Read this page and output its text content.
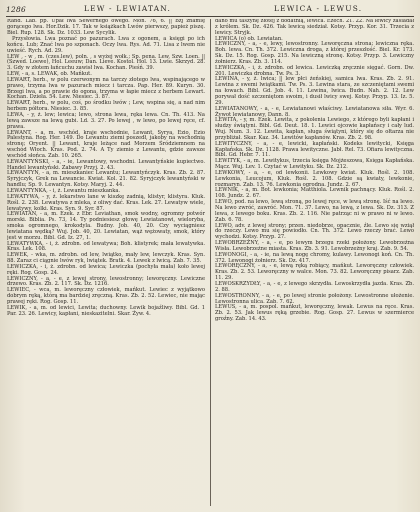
1286	LEW - LEWIATAN.	LEWICA - LEWUS.

Rand. Lab. pp. Upał lwa Sewernego owego. Mon. 76, 6. || Bżj znamię gorącego lwa. Hor.Dzik. 17. Tak w książkach Lwów pierwszy, papież piszę. Biel. Rup. 128. Sk. Dz. 1033. Lew Sycylik.

Przysłowia. Lwa poznać po pazurach. Lwa z ogonem, a księgi po ich końcu. Lub; Znać lwa po szponach. Oczy lwa. Rys. Ad. 71. Lisa z lwem nie uwieść. Rych. Ad. 29.

LEW , - w , m. (czes.lew), poln. , s wyżej wołk.; Sp. pena. Lew, Szw. Loen. || (Szwed. Loewe), Hol. Leeuw; Dan. Lieve. Kostol. Hol. 13. Lwie. Skrzyd. 28. 3. Gdy w złotem łańcuchu zawisł lwa. Kochan. Pieśń. 39.

LEW, - a, s. LEWAK, ob. Mańkut.

LEWART, herb., w polu czerwonym na tarczy złotego lwa, wspinającego w prawo, trzyma lwa w pazurach miecz i tarcza. Pap. Her. 89. Kuryn. 30. Brzegi lwa, a po prawie do ogona, trzyma w łapie miecz z herbem Lewart. Kochan. Dzieła. 54. Lew. Niesiec. 3. 87.

LEWART, herb., w polu, coś, po środku lwów ; Lew, wspina się, a nad nim herbem półtora. Niesiec. 3. 85.

LEWA, - y, ż. lew; lewica; lewo, strona lewa, ręka lewa. Cn. Th. 413. Na lewą zawsze na lewą gubi. Ld. 3. 27. Po lewej , w lewo, po lewej ręce, cf. prawa.

LEWANT, - a, m. wschód, kraje wschodnie, Lewant, Syrya, Ezio, Ezio Palestyna. Rog. Her. 149. Do Lewantu ziemi poszedł, jakoby na wschodnią stronę; Oryent. || Lewant, kraje leżące nad Morzem Śródziemnem na wschód Włoch. Kras. Pod. 2. 74. A Ty ziemio z Lewantu, gdzie zawsze wschód słońca. Zab. 10. 265.

LEWANTYŃSKI, - a, - ie, Lewantowy, wschodni. Lewantyńskie kupiectwo. Handel lewantyński. Zabawy Przyj. 2. 43.

LEWANTYN, - a, m. mieszkaniec Lewantu; Lewantyńczyk. Kras. Zb. 2. 87. Syryjczyk, Grek na Lewancie. Kwiat. Kol. 21. 82. Syryjczyk lewantyński w handlu; Sp. 9. Lewantyn. Kotsy. Maryj. 2. 44.

LEWANTYNKA, - i, ż. Lewantu mieszkanka.

LEWATYWA, - y, ż. lekarstwo lane w kiszkę zadnią, klistyr, klistyra. Kluk. Rośl. 2. 238. Lewatywa z mleka, z oliwy dać. Kras. Lek. 27. Lewatyw wiele, lewatywy, kolki. Kras. Syn. 9. Syr. 87.

LEWIATAN, - a, m. Ezek. z Ebr. Leviathan, smok wodny, ogromny potwór morski. Biblia. Ps. 73, 14. Ty podniesiesz głowę Lewiatanowi, wieloryba, smoka ogromnego, krokodyla. Budny. Job. 40, 20. Czy wyciągniesz lewiatana wędką? Wuj. Job. 40, 20. Lewiatan, wąż wężowaty, smok, który jest w morzu. Bibl. Gd. Iz. 27, 1.

LEWATYWKA, - i, ż. zdrobn. od lewatywa; Boh. klistyrek; mała lewatywka. Kras. Lek. 108.

LEWEK, - wka, m. zdrobn. od lew, lwiątko, mały lew, lewczyk. Kras. Syn. 88. Zaraz ci ciągnie lwów ryk, lwiątek. Bratk. 4. Lewek z lwicą. Zab. 7. 35.

LEWICZKA, - i, ż. zdrobn. od lewica; Lewiczka (pochyła mała) koło lewej ręki. Rog. Gosp. 24.

LEWICZNY, - a, - e, z lewej strony, lewostronny; leworęczny. Lewiczne drzewo. Kras. Zb. 2. 117. Sk. Dz. 1216.

LEWIEC, - wca, m. leworęczny człowiek, mańkut. Lewiec z wyjątkowo dobrym ręką, którą ma bardziej zręczną. Kras. Zb. 2. 52. Lewiec, nie mając prawej ręki. Rog. Gosp. 11.

LEWIK, - a, m. od lewici, Lewita; duchowny. Lewik bojaźliwy. Bibl. Gd. 1 Par. 23. 26. Lewicy, kapłani, nieskazitelni. Skar. Żyw. 4.

dano mu taszynę złotéj z dodatnią, lewica. Ezech. 21. 22. Na lewicy zasiadał z królem. Sk. Dz. 426. Tak lewicą siedział. Kotsy. Przyp. Kor. 31. Trzecia z lewicy. Stryjk.

LEWICA (o) ob. Lewiatan.

LEWICZNY, - a, - e, lewy, lewostronny. Leworęczna strona; lewiczna ręka. Boh. lewa. Cn. Th. 372. Lewiczna droga, z której przeszłość. Biel. Kr. 173. Sk. Dz. 15. Rog. Gosp. 215. Na lewiczną stronę. Kotsy. Przyp. 3. Lewiczny żołnierz. Kras. Zb. 3. 114.

LEWICZKA, - i, ż. zdrobn. od lewica. Lewiczką zręcznie sięgać. Gorn. Dw. 201. Lewiczka drobna. Tw. Ps. 3.

LEWINA, - y, ż. lwica; || lew płci żeńskiej, samica lwa. Kras. Zb. 2. 91. Lewina z swemi lwiątkami. Tw. Ps. 3. Lewina stara, ze szczeniętami swemi na łowach. Bibl. Gd. Job. 4. 11. Lewina, lwica. Budn. Nah. 2. 12. Lew porywał dość szczeniętom swoim, i dusił lwicy swej. Kotsy. Przyp. 13. Iz. 5. 29.

LEWIATANOWY, - a, - e, Lewiatanowi właściwy. Lewiatanowa siła. Wyr. 6. Żywot lewiatanowy, Dann. 8.

LEWITA, - y, m. Ezek. Lewita, z pokolenia Lewiego, z którego byli kapłani i słudzy świątyni. Bibl. Gd. Deut. 18. 1. Lewici ojcowie kapłańscy i cały lud. Wuj. Num. 3. 12. Lewita, kapłan, sługa świątyni, który się do ołtarza nie przybliżał. Skar. Kaz. 34. Lewitów kapłanów. Kras. Zb. 2. 98.

LEWITYCZNY, - a, - e, lewicki, kapłański. Kodeks lewitycki, Księga Kapłańska. Sk. Dz. 1128. Prawa lewityczne. Jabł. Rel. 73. Ofiara lewityczna. Bibl. Gd. Hebr. 7. 11.

LEWITYK, - a, m. Lewitykus, trzecia księga Mojżeszowa, Księga Kapłańska. Mącz. Wuj. Lev. 1. Czytać w Lewityku. Sk. Dz. 212.

LEWKOWY, - a, - e, od lewkonii. Lewkowy kwiat. Kluk. Rośl. 2. 108. Lewkonia, Leucojum, Kluk. Rośl. 2. 108. Gdzie są kwiaty, lewkonie, rozmaryn. Zab. 13. 76. Lewkonia ogrodna. Jundz. 2. 67.

LEWNIK, - a, m. Bot. lewkonia; Matthiola. Lewnik pachnący. Kluk. Rośl. 2. 108. Jundz. 2. 67.

LEWO, pod. na lewo, lewą stroną, po lewej ręce, w lewą stronę. Iść na lewo. Na lewo zwróć, zawróć. Mon. 71. 37. Lewo, na lewą, z lewa. Sk. Dz. 313. Z lewa, z lewego boku. Kras. Zb. 2. 116. Nie patrząc ni w prawo ni w lewo. Zab. 6. 78.

LEWO, adv. z lewej strony; przen. niedobrze, opacznie, źle. Lewo się wziął do rzeczy. Lewo mu się powiodło. Cn. Th. 372. Lewo rzeczy brać. Lewo wychodzi. Kotsy. Przyp. 27.

LEWOBRZEŻNY, - a, - e, po lewym brzegu rzeki położony. Lewobrzeżna Wisła. Lewobrzeżne miasta. Kras. Zb. 3. 91. Lewobrzeżny kraj. Zab. 9. 54.

LEWONOGI, - a, - ie, na lewą nogę chromy, kulawy. Lewonogi koń. Cn. Th. 372. Lewonogi żołnierz. Sk. Dz. 417.

LEWORĘCZNY, - a, - e, lewą ręką robiący, mańkut. Leworęczny człowiek. Kras. Zb. 2. 53. Leworęczny w walce. Mon. 73. 82. Leworęczny pisarz. Zab. 11. 29.

LEWOSKRZYDŁY, - a, - e, z lewego skrzydła. Lewoskrzydła jazda. Kras. Zb. 2. 88.

LEWOSTRONNY, - a, - e, po lewej stronie położony. Lewostronne ułożenie. Lewostronna ulica. Zab. 7. 62.

LEWUS, - a, m. pospol. mańkut, leworęczny, lewak. Lewus na ręce. Kras. Zb. 2. 53. Jak lewus ręką grzebie. Rog. Gosp. 27. Lewus w szermierce groźny. Zab. 14. 43.
